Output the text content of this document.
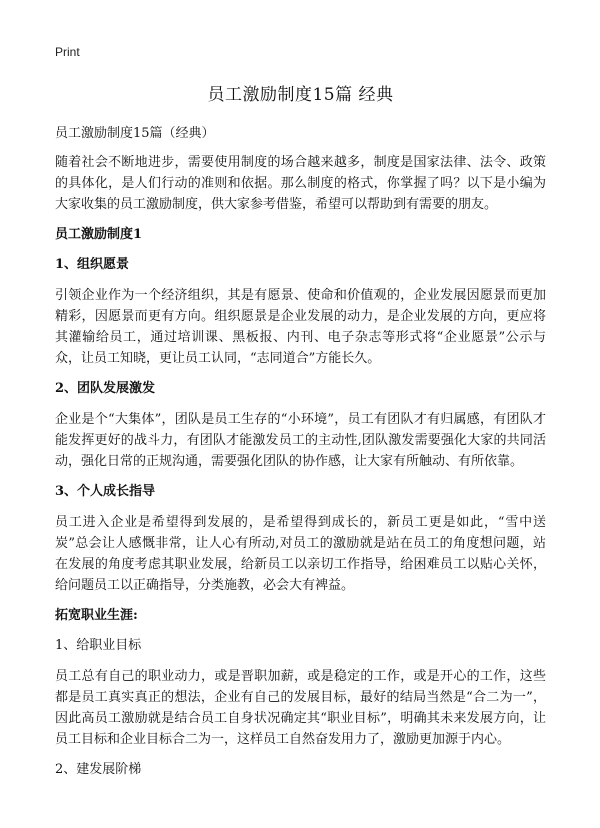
Print
员工激励制度15篇 经典
员工激励制度15篇（经典）

随着社会不断地进步，需要使用制度的场合越来越多，制度是国家法律、法令、政策的具体化，是人们行动的准则和依据。那么制度的格式，你掌握了吗？以下是小编为大家收集的员工激励制度，供大家参考借鉴，希望可以帮助到有需要的朋友。

员工激励制度1
1、组织愿景

引领企业作为一个经济组织，其是有愿景、使命和价值观的，企业发展因愿景而更加精彩，因愿景而更有方向。组织愿景是企业发展的动力，是企业发展的方向，更应将其灌输给员工，通过培训课、黑板报、内刊、电子杂志等形式将“企业愿景”公示与众，让员工知晓，更让员工认同，“志同道合”方能长久。

2、团队发展激发

企业是个“大集体”，团队是员工生存的“小环境”，员工有团队才有归属感，有团队才能发挥更好的战斗力，有团队才能激发员工的主动性,团队激发需要强化大家的共同活动，强化日常的正规沟通，需要强化团队的协作感，让大家有所触动、有所依靠。

3、个人成长指导

员工进入企业是希望得到发展的，是希望得到成长的，新员工更是如此，“雪中送炭”总会让人感慨非常，让人心有所动,对员工的激励就是站在员工的角度想问题，站在发展的角度考虑其职业发展，给新员工以亲切工作指导，给困难员工以贴心关怀，给问题员工以正确指导，分类施教，必会大有裨益。

拓宽职业生涯:
1、给职业目标

员工总有自己的职业动力，或是晋职加薪，或是稳定的工作，或是开心的工作，这些都是员工真实真正的想法，企业有自己的发展目标，最好的结局当然是“合二为一”，因此高员工激励就是结合员工自身状况确定其“职业目标”，明确其未来发展方向，让员工目标和企业目标合二为一，这样员工自然奋发用力了，激励更加源于内心。

2、建发展阶梯
